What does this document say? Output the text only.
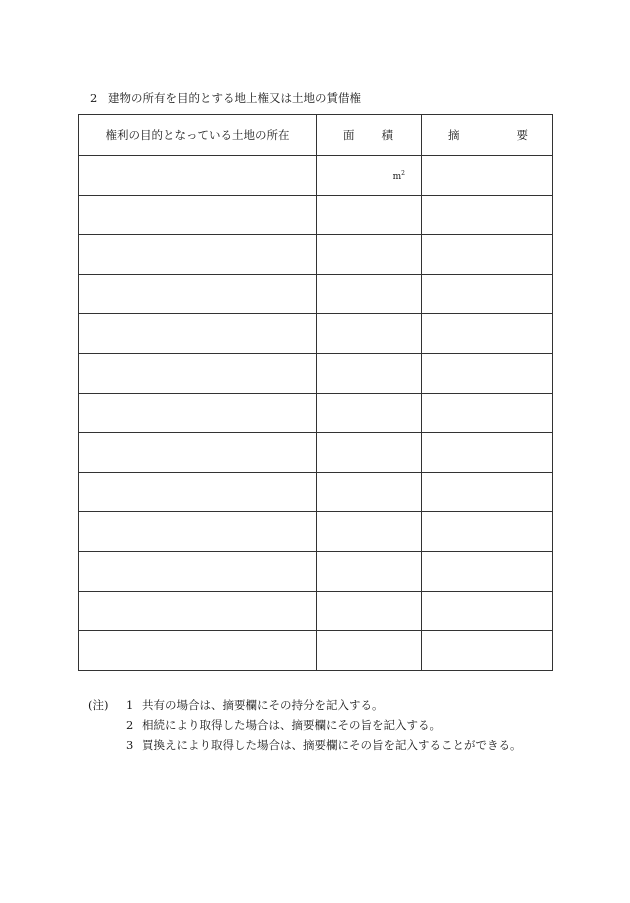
2 建物の所有を目的とする地上権又は土地の賃借権
権利の目的となっている土地の所在	面 積	摘 要

	$m^2$

(注)	1 共有の場合は、摘要欄にその持分を記入する。
2 相続により取得した場合は、摘要欄にその旨を記入する。
3 買換えにより取得した場合は、摘要欄にその旨を記入することができる。
